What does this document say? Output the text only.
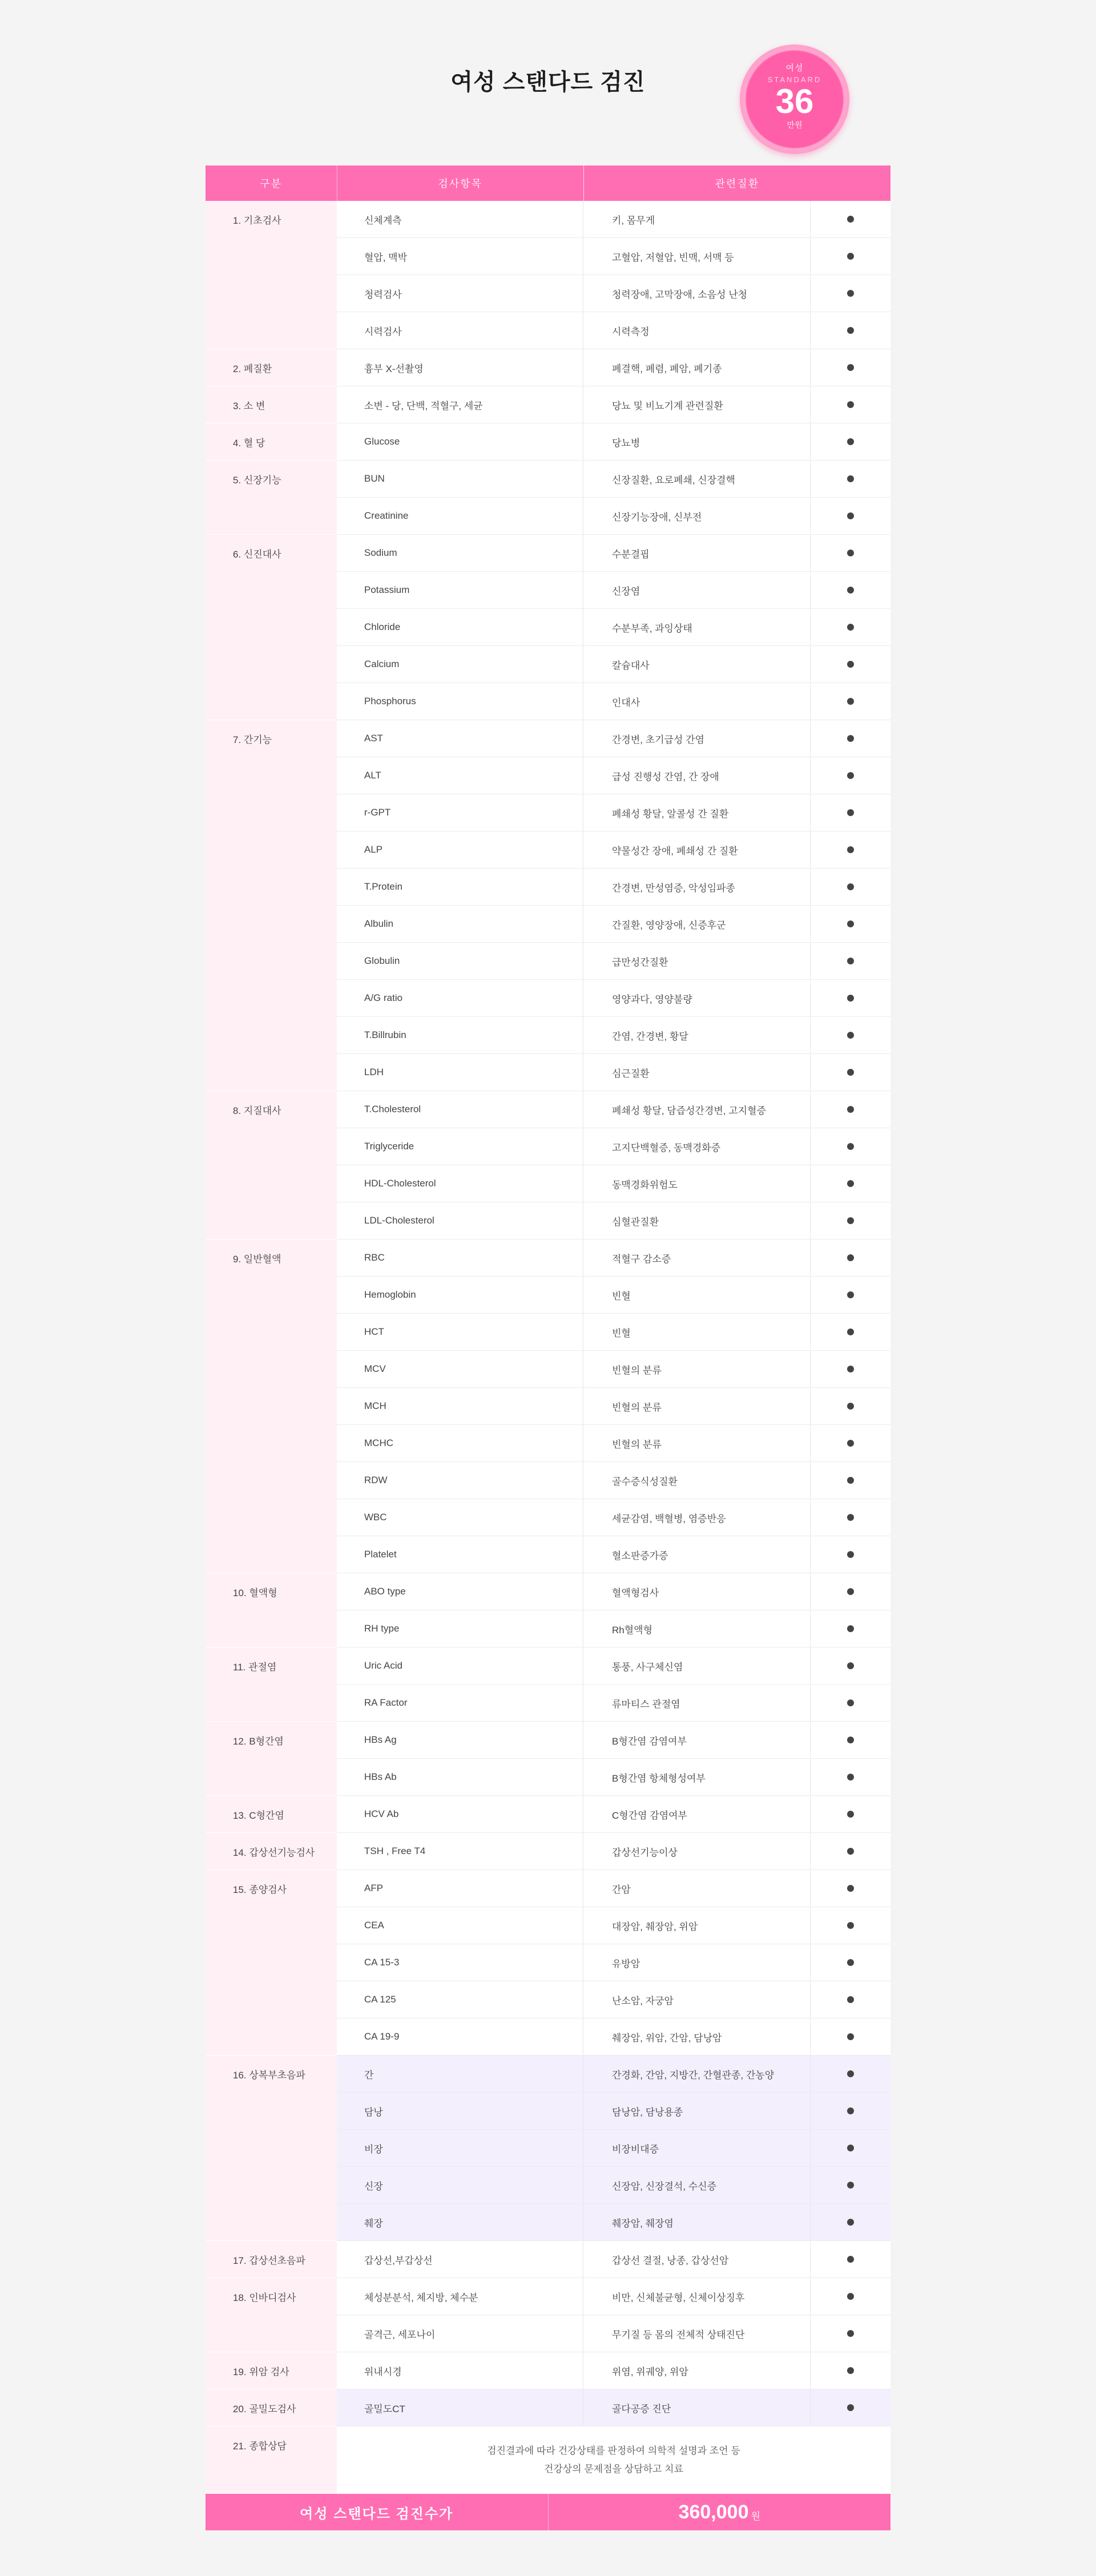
여성 스탠다드 검진
여성
STANDARD
36
만원
구분	검사항목	관련질환
1. 기초검사	신체계측	키, 몸무게
혈압, 맥박	고혈압, 저혈압, 빈맥, 서맥 등
청력검사	청력장애, 고막장애, 소음성 난청
시력검사	시력측정
2. 폐질환	흉부 X-선촬영	폐결핵, 폐렴, 폐암, 폐기종
3. 소 변	소변 - 당, 단백, 적혈구, 세균	당뇨 및 비뇨기계 관련질환
4. 혈 당	Glucose	당뇨병
5. 신장기능	BUN	신장질환, 요로폐쇄, 신장결핵
Creatinine	신장기능장애, 신부전
6. 신진대사	Sodium	수분결핍
Potassium	신장염
Chloride	수분부족, 과잉상태
Calcium	칼슘대사
Phosphorus	인대사
7. 간기능	AST	간경변, 초기급성 간염
ALT	급성 진행성 간염, 간 장애
r-GPT	폐쇄성 황달, 알콜성 간 질환
ALP	약물성간 장애, 폐쇄성 간 질환
T.Protein	간경변, 만성염증, 악성임파종
Albulin	간질환, 영양장애, 신증후군
Globulin	급만성간질환
A/G ratio	영양과다, 영양불량
T.Billrubin	간염, 간경변, 황달
LDH	심근질환
8. 지질대사	T.Cholesterol	폐쇄성 황달, 담즙성간경변, 고지혈증
Triglyceride	고지단백혈증, 동맥경화증
HDL-Cholesterol	동맥경화위험도
LDL-Cholesterol	심혈관질환
9. 일반혈액	RBC	적혈구 감소증
Hemoglobin	빈혈
HCT	빈혈
MCV	빈혈의 분류
MCH	빈혈의 분류
MCHC	빈혈의 분류
RDW	골수증식성질환
WBC	세균감염, 백혈병, 염증반응
Platelet	혈소판증가증
10. 혈액형	ABO type	혈액형검사
RH type	Rh혈액형
11. 관절염	Uric Acid	통풍, 사구체신염
RA Factor	류마티스 관절염
12. B형간염	HBs Ag	B형간염 감염여부
HBs Ab	B형간염 항체형성여부
13. C형간염	HCV Ab	C형간염 감염여부
14. 갑상선기능검사	TSH , Free T4	갑상선기능이상
15. 종양검사	AFP	간암
CEA	대장암, 췌장암, 위암
CA 15-3	유방암
CA 125	난소암, 자궁암
CA 19-9	췌장암, 위암, 간암, 담낭암
16. 상복부초음파	간	간경화, 간암, 지방간, 간혈관종, 간농양
담낭	담낭암, 담낭용종
비장	비장비대증
신장	신장암, 신장결석, 수신증
췌장	췌장암, 췌장염
17. 갑상선초음파	갑상선,부갑상선	갑상선 결절, 낭종, 갑상선암
18. 인바디검사	체성분분석, 체지방, 체수분	비만, 신체불균형, 신체이상징후
골격근, 세포나이	무기질 등 몸의 전체적 상태진단
19. 위암 검사	위내시경	위염, 위궤양, 위암
20. 골밀도검사	골밀도CT	골다공증 진단
21. 종합상담	검진결과에 따라 건강상태를 판정하여 의학적 설명과 조언 등
건강상의 문제점을 상담하고 치료
여성 스탠다드 검진수가	360,000 원
